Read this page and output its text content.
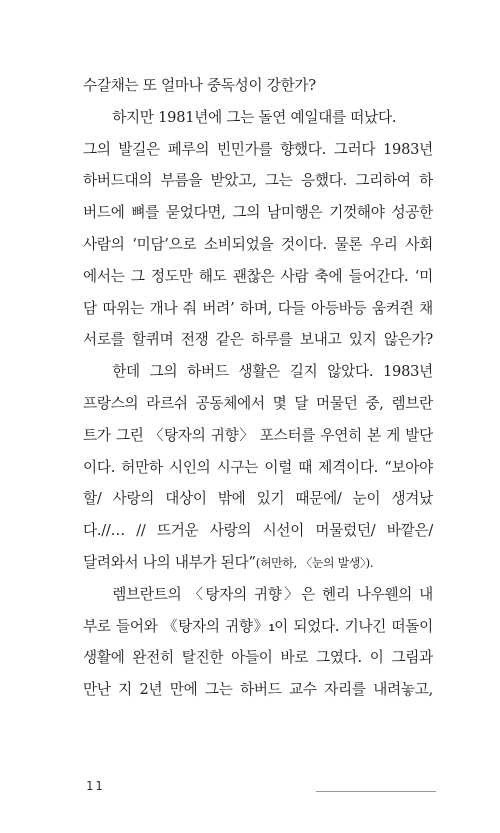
수갈채는 또 얼마나 중독성이 강한가?
하지만 1981년에 그는 돌연 예일대를 떠났다.
그의 발길은 페루의 빈민가를 향했다. 그러다 1983년
하버드대의 부름을 받았고, 그는 응했다. 그리하여 하
버드에 뼈를 묻었다면, 그의 남미행은 기껏해야 성공한
사람의 ‘미담’으로 소비되었을 것이다. 물론 우리 사회
에서는 그 정도만 해도 괜찮은 사람 축에 들어간다. ‘미
담 따위는 개나 줘 버려’ 하며, 다들 아등바등 움켜쥔 채
서로를 할퀴며 전쟁 같은 하루를 보내고 있지 않은가?
한데 그의 하버드 생활은 길지 않았다. 1983년
프랑스의 라르쉬 공동체에서 몇 달 머물던 중, 렘브란
트가 그린 〈탕자의 귀향〉 포스터를 우연히 본 게 발단
이다. 허만하 시인의 시구는 이럴 때 제격이다. “보아야
할/ 사랑의 대상이 밖에 있기 때문에/ 눈이 생겨났
다.//… // 뜨거운 사랑의 시선이 머물렀던/ 바깥은/
달려와서 나의 내부가 된다”(허만하, 〈눈의 발생〉).
렘브란트의 〈탕자의 귀향〉은 헨리 나우웬의 내
부로 들어와 《탕자의 귀향》1이 되었다. 기나긴 떠돌이
생활에 완전히 탈진한 아들이 바로 그였다. 이 그림과
만난 지 2년 만에 그는 하버드 교수 자리를 내려놓고,
11
